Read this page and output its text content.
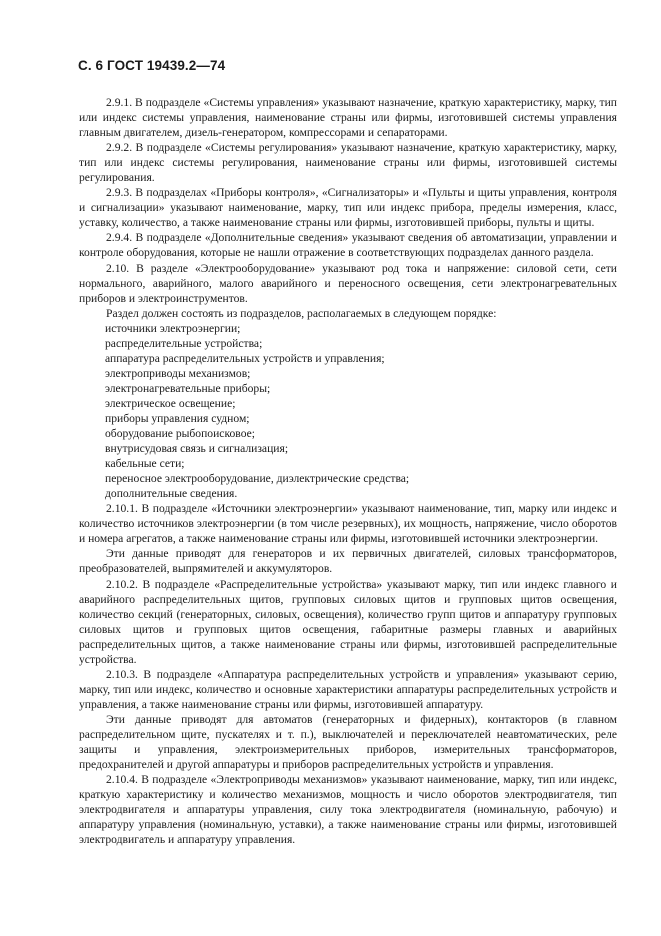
С. 6 ГОСТ 19439.2—74

2.9.1. В подразделе «Системы управления» указывают назначение, краткую характеристику, марку, тип или индекс системы управления, наименование страны или фирмы, изготовившей системы управления главным двигателем, дизель-генератором, компрессорами и сепараторами.

2.9.2. В подразделе «Системы регулирования» указывают назначение, краткую характеристику, марку, тип или индекс системы регулирования, наименование страны или фирмы, изготовившей системы регулирования.

2.9.3. В подразделах «Приборы контроля», «Сигнализаторы» и «Пульты и щиты управления, контроля и сигнализации» указывают наименование, марку, тип или индекс прибора, пределы измерения, класс, уставку, количество, а также наименование страны или фирмы, изготовившей приборы, пульты и щиты.

2.9.4. В подразделе «Дополнительные сведения» указывают сведения об автоматизации, управлении и контроле оборудования, которые не нашли отражение в соответствующих подразделах данного раздела.

2.10. В разделе «Электрооборудование» указывают род тока и напряжение: силовой сети, сети нормального, аварийного, малого аварийного и переносного освещения, сети электронагревательных приборов и электроинструментов.

Раздел должен состоять из подразделов, располагаемых в следующем порядке:

источники электроэнергии;

распределительные устройства;

аппаратура распределительных устройств и управления;

электроприводы механизмов;

электронагревательные приборы;

электрическое освещение;

приборы управления судном;

оборудование рыбопоисковое;

внутрисудовая связь и сигнализация;

кабельные сети;

переносное электрооборудование, диэлектрические средства;

дополнительные сведения.

2.10.1. В подразделе «Источники электроэнергии» указывают наименование, тип, марку или индекс и количество источников электроэнергии (в том числе резервных), их мощность, напряжение, число оборотов и номера агрегатов, а также наименование страны или фирмы, изготовившей источники электроэнергии.

Эти данные приводят для генераторов и их первичных двигателей, силовых трансформаторов, преобразователей, выпрямителей и аккумуляторов.

2.10.2. В подразделе «Распределительные устройства» указывают марку, тип или индекс главного и аварийного распределительных щитов, групповых силовых щитов и групповых щитов освещения, количество секций (генераторных, силовых, освещения), количество групп щитов и аппаратуру групповых силовых щитов и групповых щитов освещения, габаритные размеры главных и аварийных распределительных щитов, а также наименование страны или фирмы, изготовившей распределительные устройства.

2.10.3. В подразделе «Аппаратура распределительных устройств и управления» указывают серию, марку, тип или индекс, количество и основные характеристики аппаратуры распределительных устройств и управления, а также наименование страны или фирмы, изготовившей аппаратуру.

Эти данные приводят для автоматов (генераторных и фидерных), контакторов (в главном распределительном щите, пускателях и т. п.), выключателей и переключателей неавтоматических, реле защиты и управления, электроизмерительных приборов, измерительных трансформаторов, предохранителей и другой аппаратуры и приборов распределительных устройств и управления.

2.10.4. В подразделе «Электроприводы механизмов» указывают наименование, марку, тип или индекс, краткую характеристику и количество механизмов, мощность и число оборотов электродвигателя, тип электродвигателя и аппаратуры управления, силу тока электродвигателя (номинальную, рабочую) и аппаратуру управления (номинальную, уставки), а также наименование страны или фирмы, изготовившей электродвигатель и аппаратуру управления.
